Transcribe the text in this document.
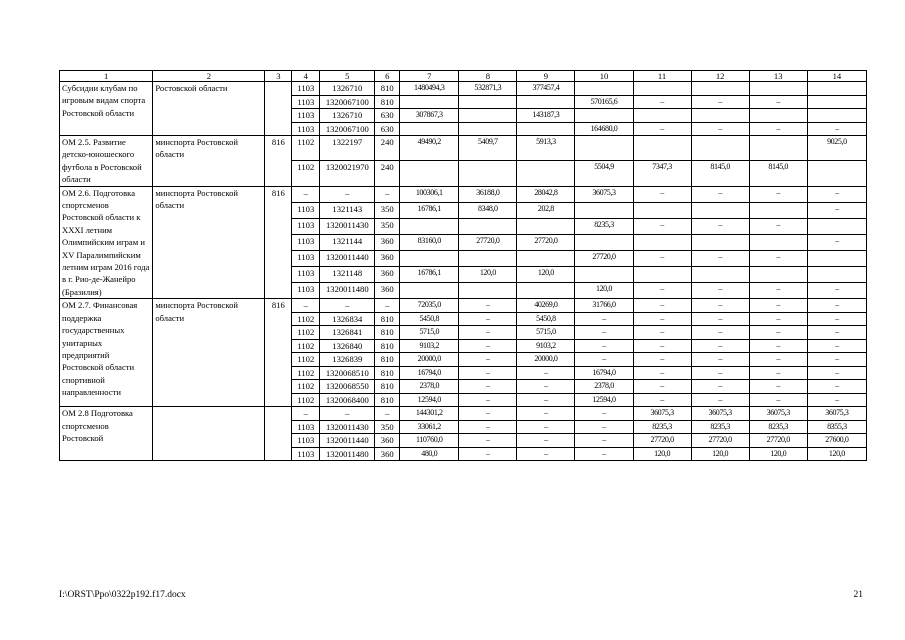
1	2	3	4	5	6	7	8	9	10	11	12	13	14
Субсидии клубам по игровым видам спорта Ростовской области	Ростовской области		1103	1326710	810	1480494,3	532871,3	377457,4					
			1103	1320067100	810				570165,6	–	–	–	
			1103	1326710	630	307867,3		143187,3					
			1103	1320067100	630				164680,0	–	–	–	–
ОМ 2.5. Развитие детско-юношеского футбола в Ростовской области	минспорта Ростовской области	816	1102	1322197	240	49490,2	5409,7	5913,3					9025,0
			1102	1320021970	240				5504,9	7347,3	8145,0	8145,0	
ОМ 2.6. Подготовка спортсменов Ростовской области к XXXI летним Олимпийским играм и XV Паралимпийским летним играм 2016 года в г. Рио-де-Жанейро (Бразилия)	минспорта Ростовской области	816	–	–	–	100306,1	36188,0	28042,8	36075,3	–	–	–	–
			1103	1321143	350	16786,1	8348,0	202,8					–
			1103	1320011430	350				8235,3	–	–	–	
			1103	1321144	360	83160,0	27720,0	27720,0					–
			1103	1320011440	360				27720,0	–	–	–	
			1103	1321148	360	16786,1	120,0	120,0					
			1103	1320011480	360				120,0	–	–	–	–
ОМ 2.7. Финансовая поддержка государственных унитарных предприятий Ростовской области спортивной направленности	минспорта Ростовской области	816	–	–	–	72035,0	–	40269,0	31766,0	–	–	–	–
			1102	1326834	810	5450,8	–	5450,8	–	–	–	–	–
			1102	1326841	810	5715,0	–	5715,0	–	–	–	–	–
			1102	1326840	810	9103,2	–	9103,2	–	–	–	–	–
			1102	1326839	810	20000,0	–	20000,0	–	–	–	–	–
			1102	1320068510	810	16794,0	–	–	16794,0	–	–	–	–
			1102	1320068550	810	2378,0	–	–	2378,0	–	–	–	–
			1102	1320068400	810	12594,0	–	–	12594,0	–	–	–	–
ОМ 2.8 Подготовка спортсменов Ростовской			–	–	–	144301,2	–	–	–	36075,3	36075,3	36075,3	36075,3
			1103	1320011430	350	33061,2	–	–	–	8235,3	8235,3	8235,3	8355,3
			1103	1320011440	360	110760,0	–	–	–	27720,0	27720,0	27720,0	27600,0
			1103	1320011480	360	480,0	–	–	–	120,0	120,0	120,0	120,0
I:\ORST\Ppo\0322p192.f17.docx	21
